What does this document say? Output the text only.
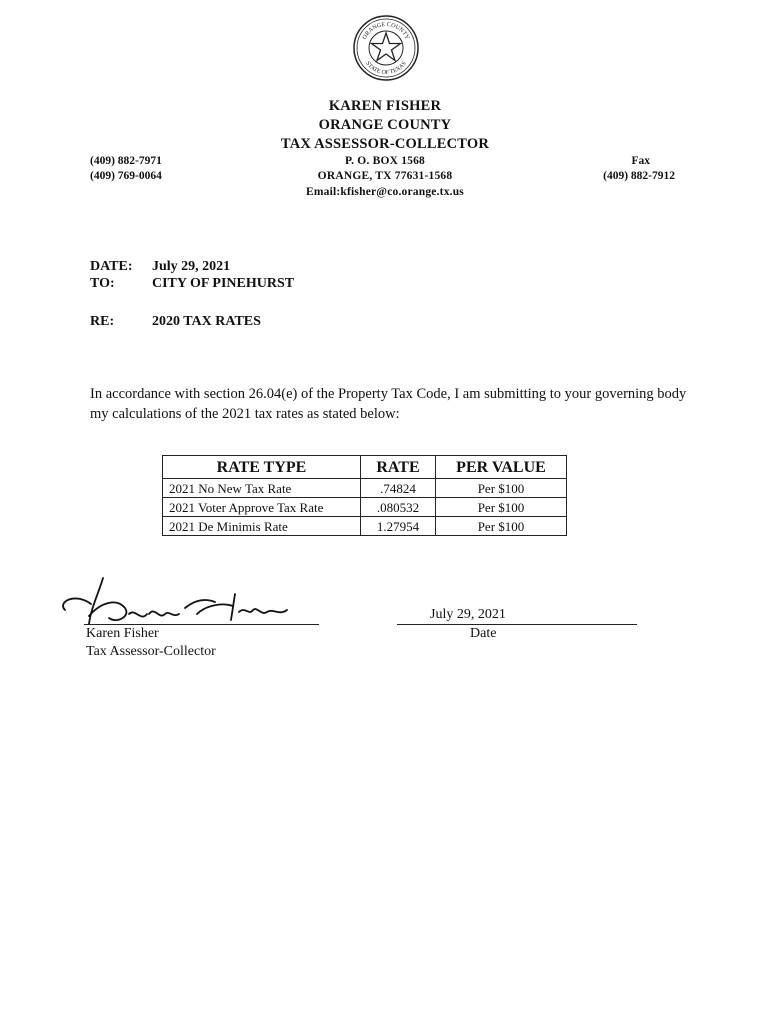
ORANGE COUNTY
STATE OF TEXAS
KAREN FISHER
ORANGE COUNTY
TAX ASSESSOR-COLLECTOR
P. O. BOX 1568
ORANGE, TX 77631-1568
Email:kfisher@co.orange.tx.us
(409) 882-7971
(409) 769-0064
Fax
(409) 882-7912
DATE: July 29, 2021
TO:	CITY OF PINEHURST
RE:	2020 TAX RATES
In accordance with section 26.04(e) of the Property Tax Code, I am submitting to your governing body my calculations of the 2021 tax rates as stated below:
RATE TYPE	RATE	PER VALUE
2021 No New Tax Rate	.74824	Per $100
2021 Voter Approve Tax Rate	.080532	Per $100
2021 De Minimis Rate	1.27954	Per $100
Karen Fisher
Tax Assessor-Collector
July 29, 2021
Date
